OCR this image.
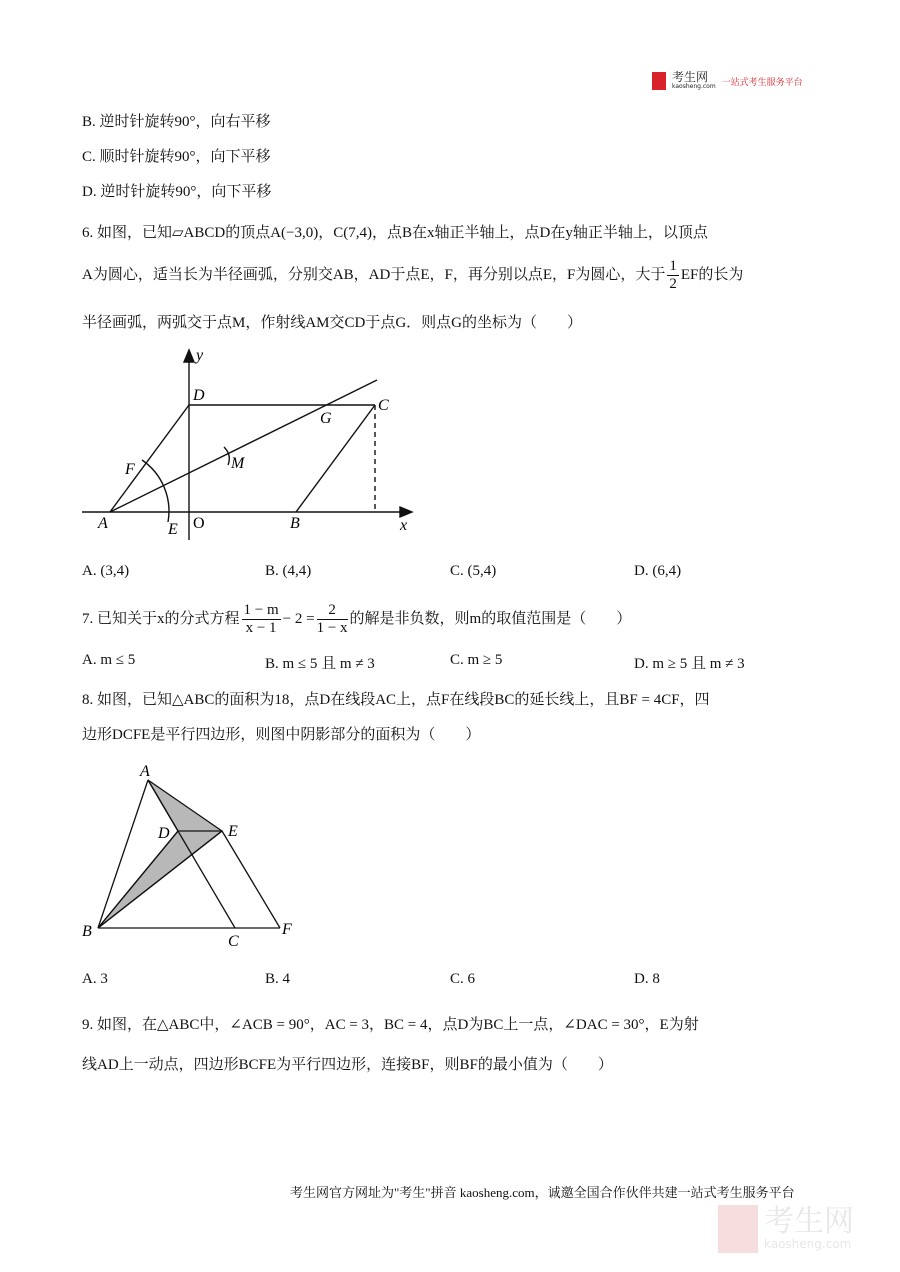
考生网
kaosheng.com 一站式考生服务平台
B. 逆时针旋转90°，向右平移
C. 顺时针旋转90°，向下平移
D. 逆时针旋转90°，向下平移
6. 如图，已知▱ABCD的顶点A(−3,0)，C(7,4)，点B在x轴正半轴上，点D在y轴正半轴上，以顶点
A为圆心，适当长为半径画弧，分别交AB，AD于点E，F，再分别以点E，F为圆心，大于 $\frac{1}{2}$ EF的长为
半径画弧，两弧交于点M，作射线AM交CD于点G．则点G的坐标为（　　）
y
x
D
C
G
M
F
A	E O	B
A. (3,4)	B. (4,4)	C. (5,4)	D. (6,4)
7. 已知关于x的分式方程 $\frac{1 - m}{x - 1} - 2 = \frac{2}{1 - x}$ 的解是非负数，则m的取值范围是（　　）
A. m ≤ 5	B. m ≤ 5 且 m ≠ 3	C. m ≥ 5	D. m ≥ 5 且 m ≠ 3
8. 如图，已知△ABC的面积为18，点D在线段AC上，点F在线段BC的延长线上，且BF = 4CF，四
边形DCFE是平行四边形，则图中阴影部分的面积为（　　）
A
D	E
B
C
F
A. 3	B. 4	C. 6	D. 8
9. 如图，在△ABC中，∠ACB = 90°，AC = 3，BC = 4，点D为BC上一点，∠DAC = 30°，E为射
线AD上一动点，四边形BCFE为平行四边形，连接BF，则BF的最小值为（　　）
考生网官方网址为"考生"拼音 kaosheng.com，诚邀全国合作伙伴共建一站式考生服务平台
考生网
kaosheng.com
